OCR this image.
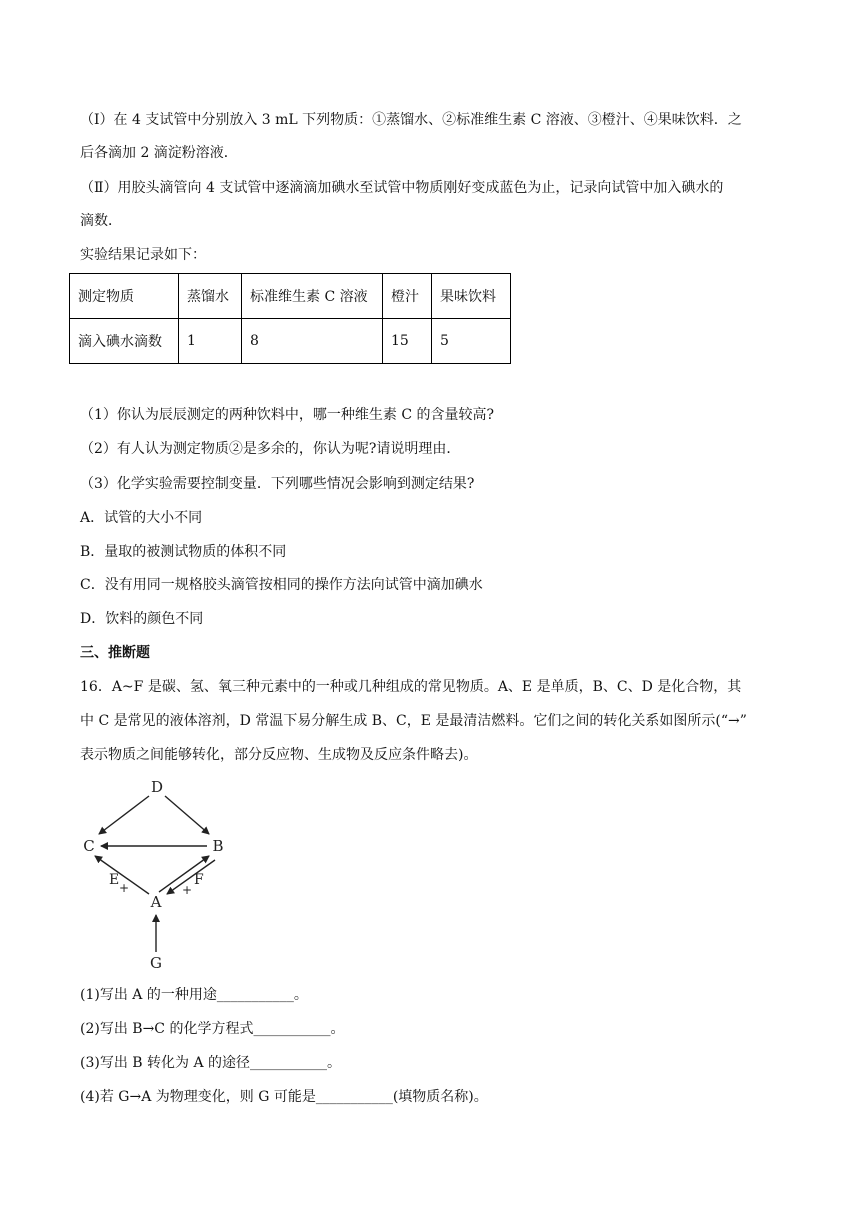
（Ⅰ）在 4 支试管中分别放入 3 mL 下列物质：①蒸馏水、②标准维生素 C 溶液、③橙汁、④果味饮料．之
后各滴加 2 滴淀粉溶液．
（Ⅱ）用胶头滴管向 4 支试管中逐滴滴加碘水至试管中物质刚好变成蓝色为止，记录向试管中加入碘水的
滴数．
实验结果记录如下：
测定物质	蒸馏水	标准维生素 C 溶液	橙汁	果味饮料
滴入碘水滴数	1	8	15	5
（1）你认为辰辰测定的两种饮料中，哪一种维生素 C 的含量较高?
（2）有人认为测定物质②是多余的，你认为呢?请说明理由．
（3）化学实验需要控制变量．下列哪些情况会影响到测定结果?
A．试管的大小不同
B．量取的被测试物质的体积不同
C．没有用同一规格胶头滴管按相同的操作方法向试管中滴加碘水
D．饮料的颜色不同
三、推断题
16．A~F 是碳、氢、氧三种元素中的一种或几种组成的常见物质。A、E 是单质，B、C、D 是化合物，其
中 C 是常见的液体溶剂，D 常温下易分解生成 B、C，E 是最清洁燃料。它们之间的转化关系如图所示(“→”
表示物质之间能够转化，部分反应物、生成物及反应条件略去)。
D
C	B
A
G
E +	F
+
(1)写出 A 的一种用途___________。
(2)写出 B→C 的化学方程式___________。
(3)写出 B 转化为 A 的途径___________。
(4)若 G→A 为物理变化，则 G 可能是___________(填物质名称)。
